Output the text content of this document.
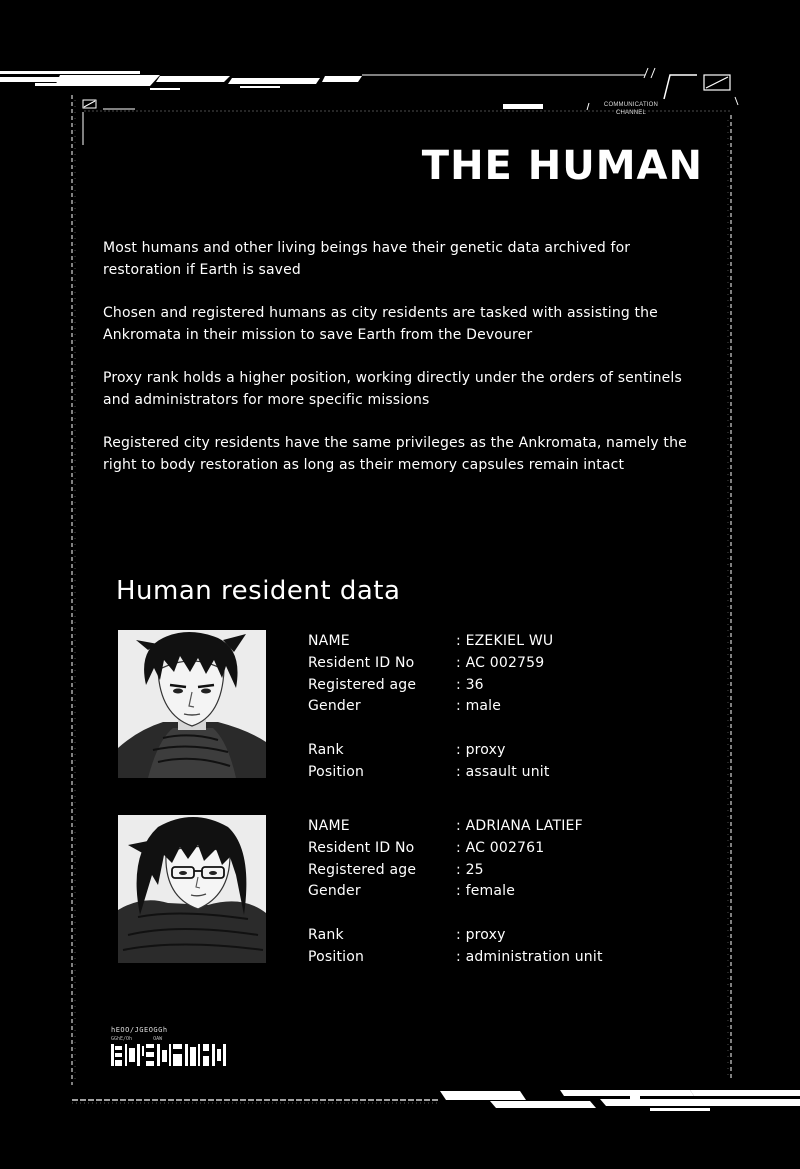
COMMUNICATION
CHANNEL
THE HUMAN

Most humans and other living beings have their genetic data archived for restoration if Earth is saved

Chosen and registered humans as city residents are tasked with assisting the Ankromata in their mission to save Earth from the Devourer

Proxy rank holds a higher position, working directly under the orders of sentinels and administrators for more specific missions

Registered city residents have the same privileges as the Ankromata, namely the right to body restoration as long as their memory capsules remain intact

Human resident data
NAME	: EZEKIEL WU
Resident ID No	: AC 002759
Registered age	: 36
Gender	: male
Rank	: proxy
Position	: assault unit
NAME	: ADRIANA LATIEF
Resident ID No	: AC 002761
Registered age	: 25
Gender	: female
Rank	: proxy
Position	: administration unit
hEOO/JGEOGGh
GGhE/Oh	OAW
